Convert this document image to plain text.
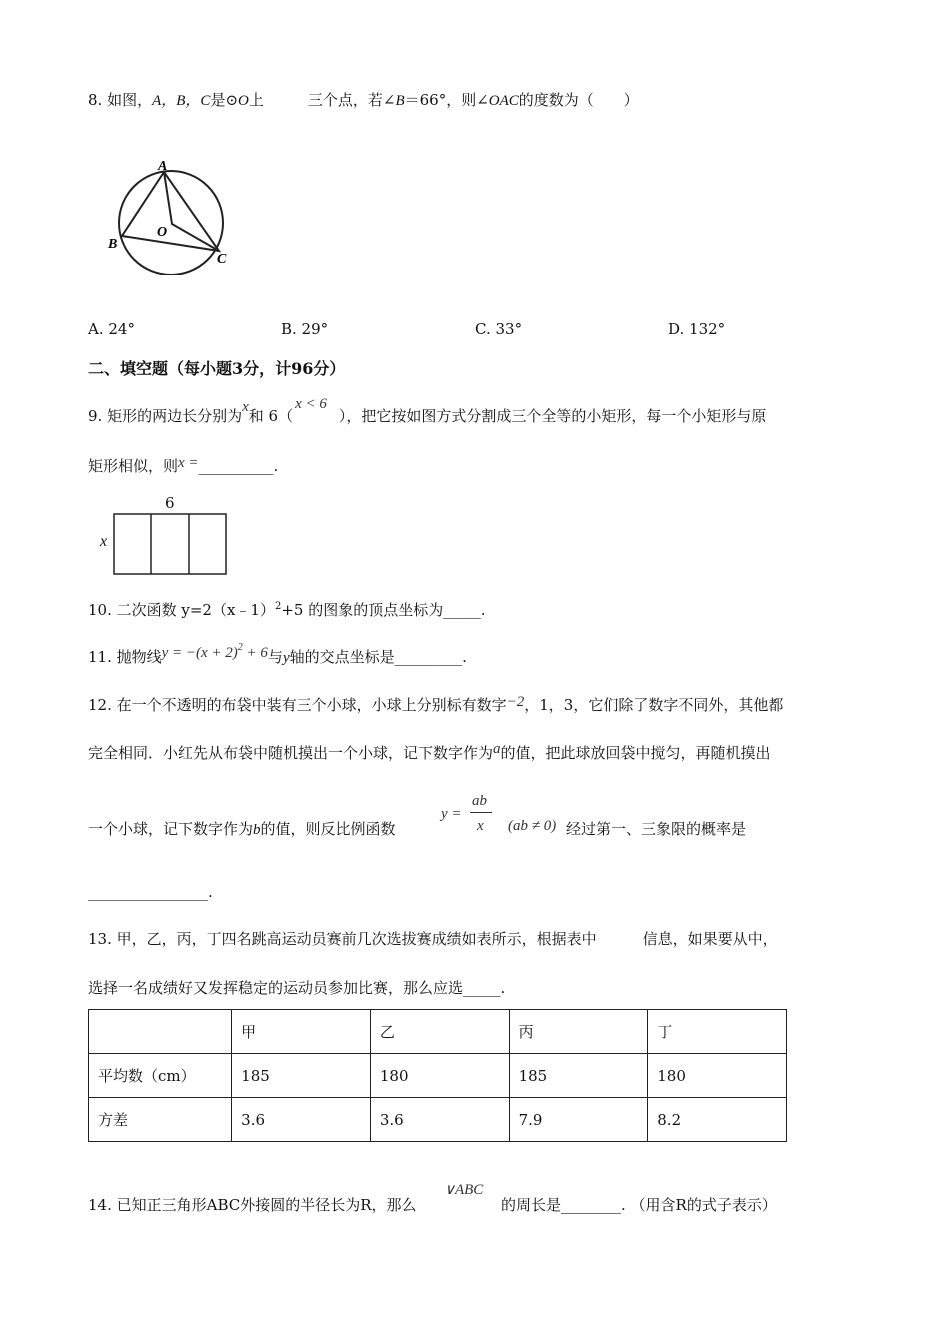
8. 如图，A，B，C是⊙O上	三个点，若∠B＝66°，则∠OAC的度数为（　　）
A
B
C
O
A. 24°	B. 29°	C. 33°	D. 132°
二、填空题（每小题3分，计96分）
9. 矩形的两边长分别为x和 6（x < 6），把它按如图方式分割成三个全等的小矩形，每一个小矩形与原
矩形相似，则x =__________.
6
x
10. 二次函数 y=2（x﹣1）$^2$+5 的图象的顶点坐标为_____.
11. 抛物线$y = -(x + 2)^2 + 6$与y轴的交点坐标是_________.
12. 在一个不透明的布袋中装有三个小球，小球上分别标有数字−2，1，3，它们除了数字不同外，其他都
完全相同．小红先从布袋中随机摸出一个小球，记下数字作为a的值，把此球放回袋中搅匀，再随机摸出
一个小球，记下数字作为b的值，则反比例函数
y =
ab
x (ab ≠ 0) 经过第一、三象限的概率是
________________.
13. 甲，乙，丙，丁四名跳高运动员赛前几次选拔赛成绩如表所示，根据表中	信息，如果要从中，
选择一名成绩好又发挥稳定的运动员参加比赛，那么应选_____.
	甲	乙	丙	丁
平均数（cm）	185	180	185	180
方差	3.6	3.6	7.9	8.2
14. 已知正三角形ABC外接圆的半径长为R，那么
∨ABC
的周长是________. （用含R的式子表示）
